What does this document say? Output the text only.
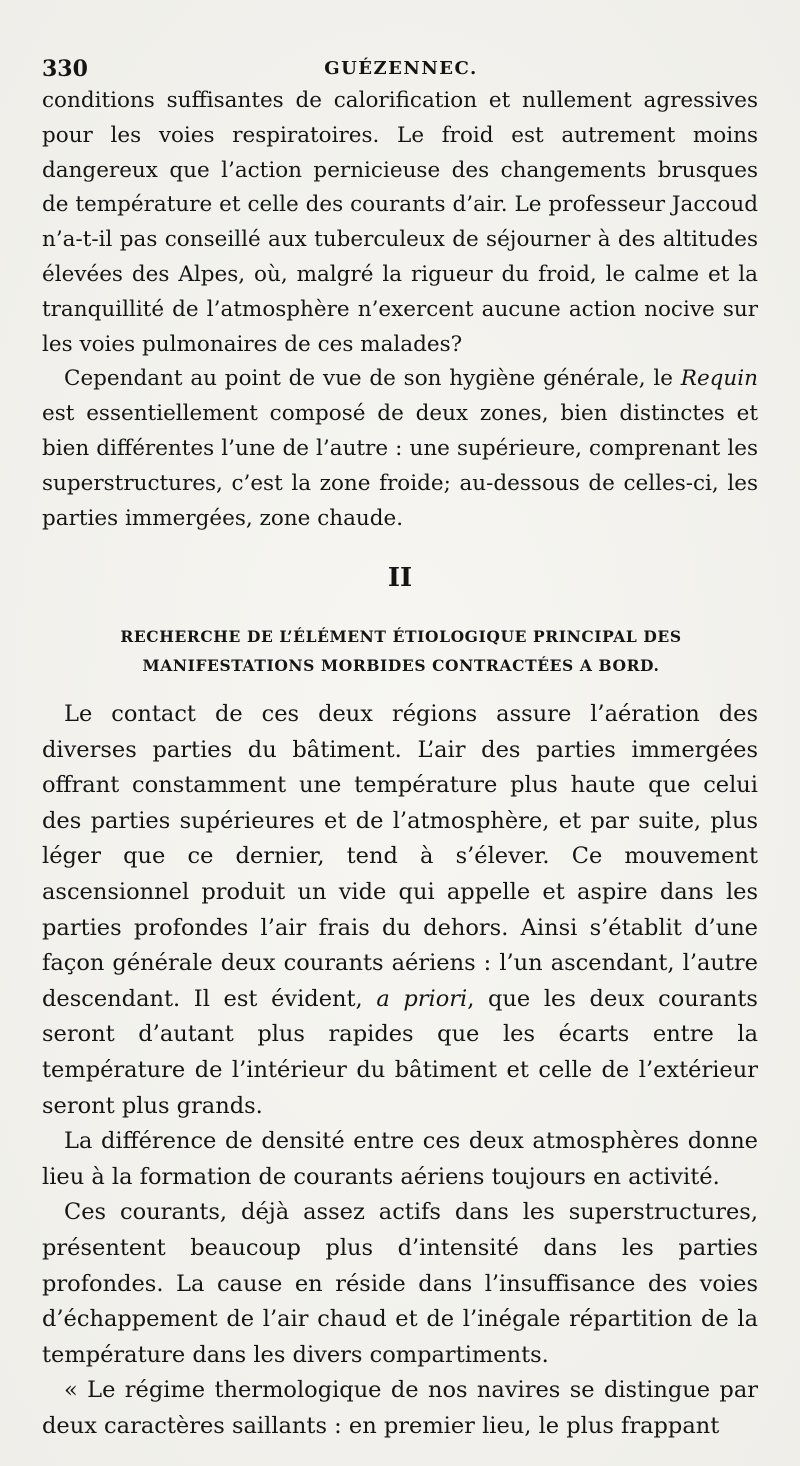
330	GUÉZENNEC.

conditions suffisantes de calorification et nullement agressives pour les voies respiratoires. Le froid est autrement moins dangereux que l’action pernicieuse des changements brusques de température et celle des courants d’air. Le professeur Jaccoud n’a-t-il pas conseillé aux tuberculeux de séjourner à des altitudes élevées des Alpes, où, malgré la rigueur du froid, le calme et la tranquillité de l’atmosphère n’exercent aucune action nocive sur les voies pulmonaires de ces malades?

Cependant au point de vue de son hygiène générale, le Requin est essentiellement composé de deux zones, bien distinctes et bien différentes l’une de l’autre : une supérieure, comprenant les superstructures, c’est la zone froide; au-dessous de celles-ci, les parties immergées, zone chaude.

II
RECHERCHE DE L’ÉLÉMENT ÉTIOLOGIQUE PRINCIPAL DES MANIFESTATIONS MORBIDES CONTRACTÉES A BORD.

Le contact de ces deux régions assure l’aération des diverses parties du bâtiment. L’air des parties immergées offrant constamment une température plus haute que celui des parties supérieures et de l’atmosphère, et par suite, plus léger que ce dernier, tend à s’élever. Ce mouvement ascensionnel produit un vide qui appelle et aspire dans les parties profondes l’air frais du dehors. Ainsi s’établit d’une façon générale deux courants aériens : l’un ascendant, l’autre descendant. Il est évident, a priori, que les deux courants seront d’autant plus rapides que les écarts entre la température de l’intérieur du bâtiment et celle de l’extérieur seront plus grands.

La différence de densité entre ces deux atmosphères donne lieu à la formation de courants aériens toujours en activité.

Ces courants, déjà assez actifs dans les superstructures, présentent beaucoup plus d’intensité dans les parties profondes. La cause en réside dans l’insuffisance des voies d’échappement de l’air chaud et de l’inégale répartition de la température dans les divers compartiments.

« Le régime thermologique de nos navires se distingue par deux caractères saillants : en premier lieu, le plus frappant
